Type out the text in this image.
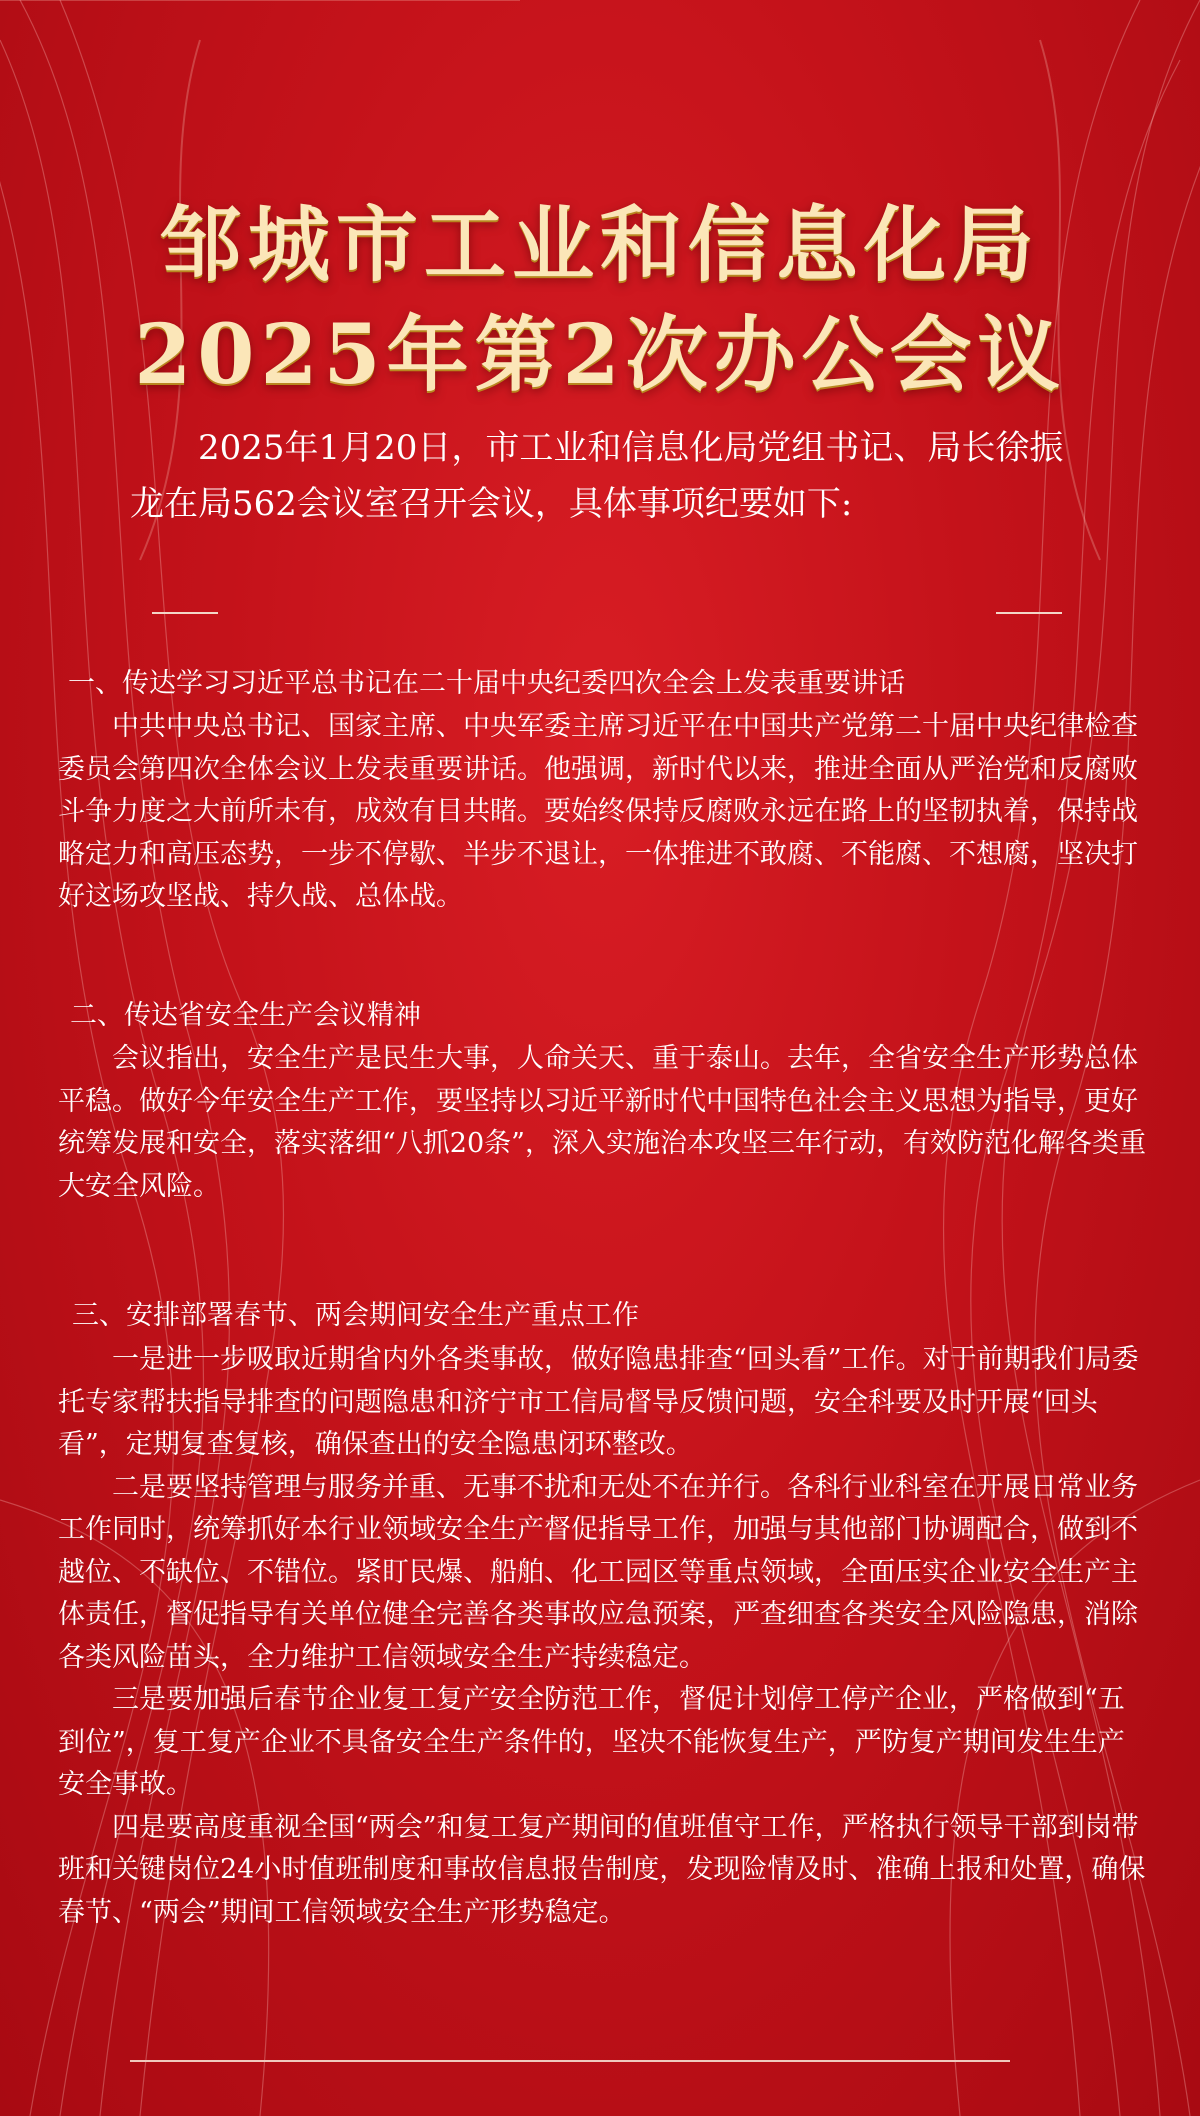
邹城市工业和信息化局
2025年第2次办公会议
2025年1月20日，市工业和信息化局党组书记、局长徐振龙在局562会议室召开会议，具体事项纪要如下:
一、传达学习习近平总书记在二十届中央纪委四次全会上发表重要讲话

中共中央总书记、国家主席、中央军委主席习近平在中国共产党第二十届中央纪律检查委员会第四次全体会议上发表重要讲话。他强调，新时代以来，推进全面从严治党和反腐败斗争力度之大前所未有，成效有目共睹。要始终保持反腐败永远在路上的坚韧执着，保持战略定力和高压态势，一步不停歇、半步不退让，一体推进不敢腐、不能腐、不想腐，坚决打好这场攻坚战、持久战、总体战。

二、传达省安全生产会议精神

会议指出，安全生产是民生大事，人命关天、重于泰山。去年，全省安全生产形势总体平稳。做好今年安全生产工作，要坚持以习近平新时代中国特色社会主义思想为指导，更好统筹发展和安全，落实落细“八抓20条”，深入实施治本攻坚三年行动，有效防范化解各类重大安全风险。

三、安排部署春节、两会期间安全生产重点工作

一是进一步吸取近期省内外各类事故，做好隐患排查“回头看”工作。对于前期我们局委托专家帮扶指导排查的问题隐患和济宁市工信局督导反馈问题，安全科要及时开展“回头看”，定期复查复核，确保查出的安全隐患闭环整改。

二是要坚持管理与服务并重、无事不扰和无处不在并行。各科行业科室在开展日常业务工作同时，统筹抓好本行业领域安全生产督促指导工作，加强与其他部门协调配合，做到不越位、不缺位、不错位。紧盯民爆、船舶、化工园区等重点领域，全面压实企业安全生产主体责任，督促指导有关单位健全完善各类事故应急预案，严查细查各类安全风险隐患，消除各类风险苗头，全力维护工信领域安全生产持续稳定。

三是要加强后春节企业复工复产安全防范工作，督促计划停工停产企业，严格做到“五到位”，复工复产企业不具备安全生产条件的，坚决不能恢复生产，严防复产期间发生生产安全事故。

四是要高度重视全国“两会”和复工复产期间的值班值守工作，严格执行领导干部到岗带班和关键岗位24小时值班制度和事故信息报告制度，发现险情及时、准确上报和处置，确保春节、“两会”期间工信领域安全生产形势稳定。
